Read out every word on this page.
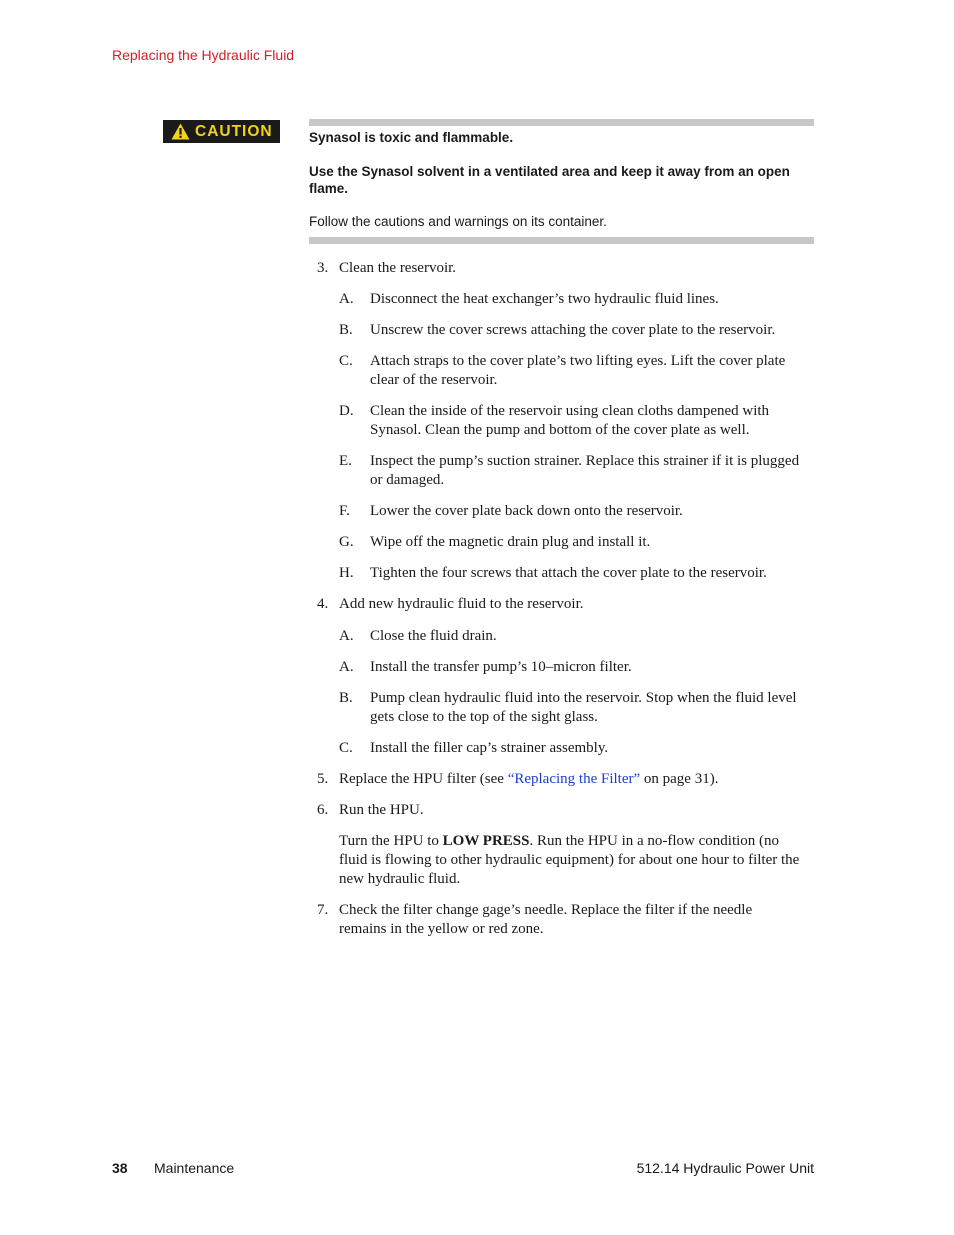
Replacing the Hydraulic Fluid
CAUTION	Synasol is toxic and flammable.
Use the Synasol solvent in a ventilated area and keep it away from an open
flame.
Follow the cautions and warnings on its container.
3. Clean the reservoir.
A. Disconnect the heat exchanger’s two hydraulic fluid lines.
B. Unscrew the cover screws attaching the cover plate to the reservoir.
C. Attach straps to the cover plate’s two lifting eyes. Lift the cover plate
clear of the reservoir.
D. Clean the inside of the reservoir using clean cloths dampened with
Synasol. Clean the pump and bottom of the cover plate as well.
E. Inspect the pump’s suction strainer. Replace this strainer if it is plugged
or damaged.
F. Lower the cover plate back down onto the reservoir.
G. Wipe off the magnetic drain plug and install it.
H. Tighten the four screws that attach the cover plate to the reservoir.
4. Add new hydraulic fluid to the reservoir.
A. Close the fluid drain.
A. Install the transfer pump’s 10–micron filter.
B. Pump clean hydraulic fluid into the reservoir. Stop when the fluid level
gets close to the top of the sight glass.
C. Install the filler cap’s strainer assembly.
5. Replace the HPU filter (see “Replacing the Filter” on page 31).
6. Run the HPU.
Turn the HPU to LOW PRESS. Run the HPU in a no-flow condition (no
fluid is flowing to other hydraulic equipment) for about one hour to filter the
new hydraulic fluid.
7. Check the filter change gage’s needle. Replace the filter if the needle
remains in the yellow or red zone.
38 Maintenance	512.14 Hydraulic Power Unit
